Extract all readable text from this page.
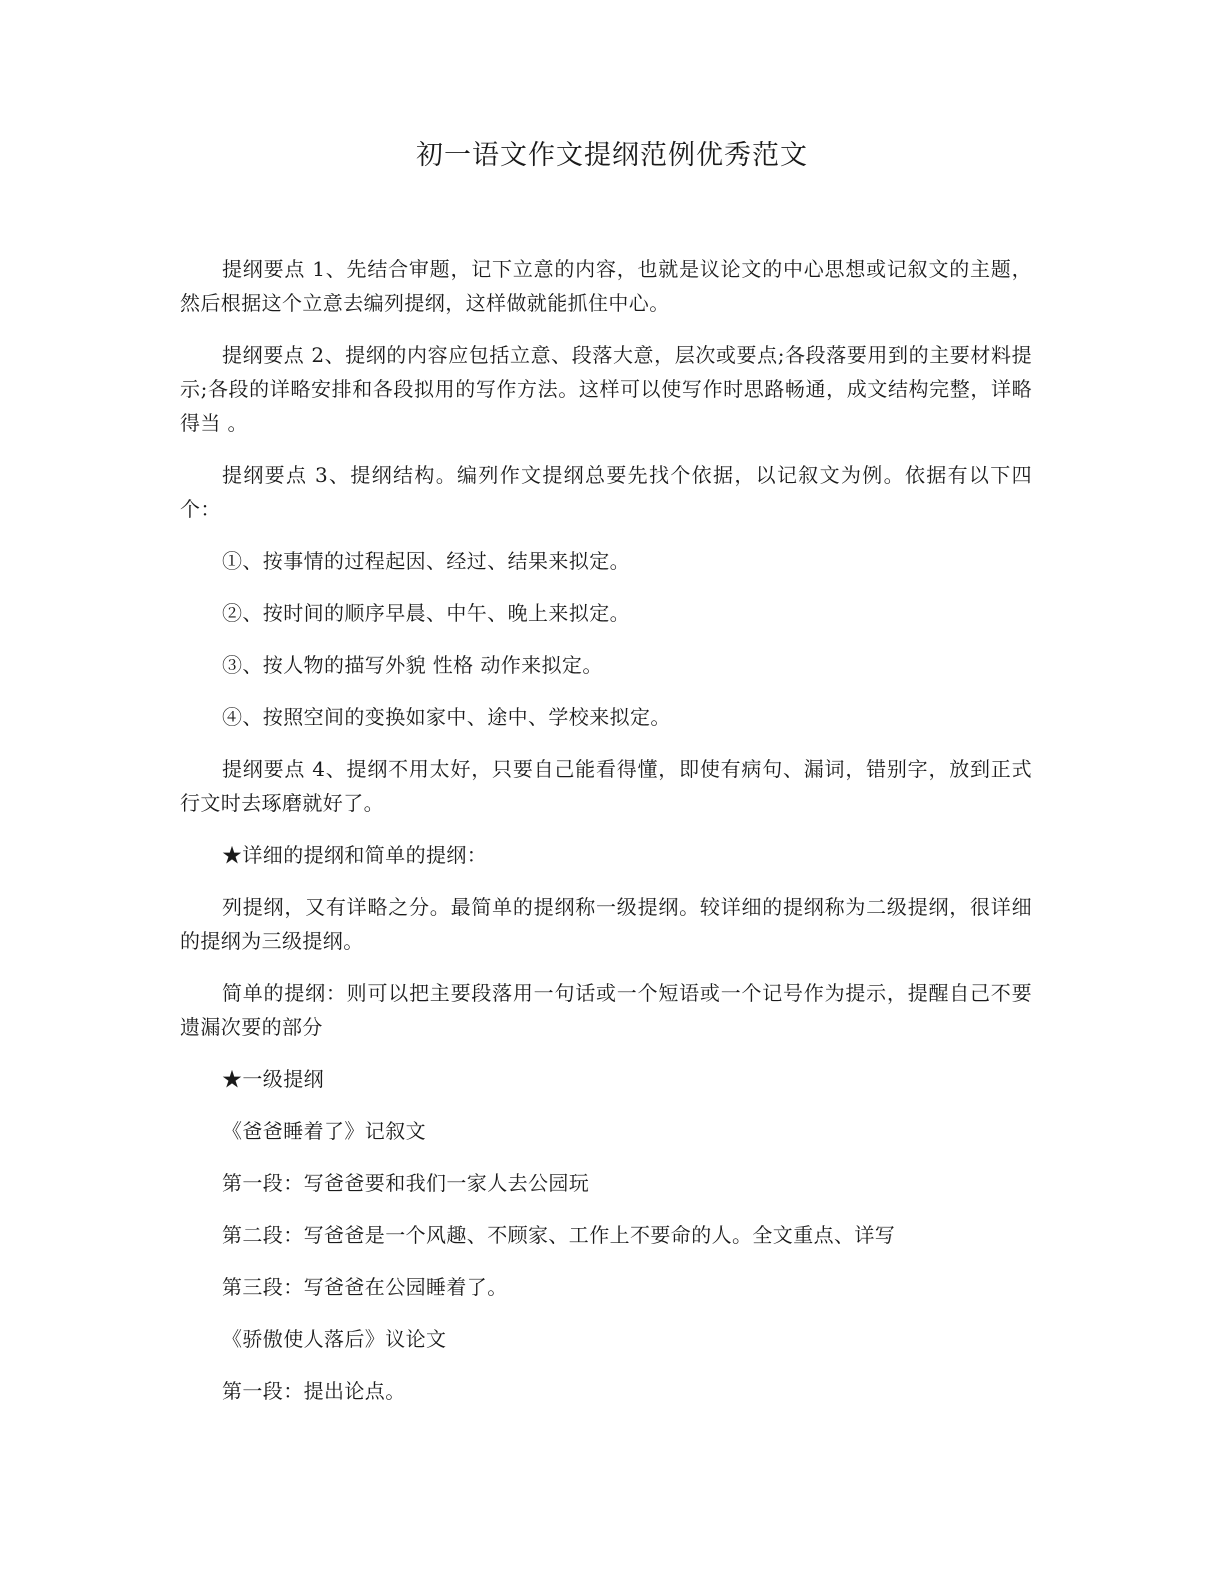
初一语文作文提纲范例优秀范文

提纲要点 1、先结合审题，记下立意的内容，也就是议论文的中心思想或记叙文的主题，然后根据这个立意去编列提纲，这样做就能抓住中心。

提纲要点 2、提纲的内容应包括立意、段落大意，层次或要点;各段落要用到的主要材料提示;各段的详略安排和各段拟用的写作方法。这样可以使写作时思路畅通，成文结构完整，详略得当 。

提纲要点 3、提纲结构。编列作文提纲总要先找个依据，以记叙文为例。依据有以下四个：

①、按事情的过程起因、经过、结果来拟定。

②、按时间的顺序早晨、中午、晚上来拟定。

③、按人物的描写外貌 性格 动作来拟定。

④、按照空间的变换如家中、途中、学校来拟定。

提纲要点 4、提纲不用太好，只要自己能看得懂，即使有病句、漏词，错别字，放到正式行文时去琢磨就好了。

★详细的提纲和简单的提纲：

列提纲，又有详略之分。最简单的提纲称一级提纲。较详细的提纲称为二级提纲，很详细的提纲为三级提纲。

简单的提纲：则可以把主要段落用一句话或一个短语或一个记号作为提示，提醒自己不要遗漏次要的部分

★一级提纲

《爸爸睡着了》记叙文

第一段：写爸爸要和我们一家人去公园玩

第二段：写爸爸是一个风趣、不顾家、工作上不要命的人。全文重点、详写

第三段：写爸爸在公园睡着了。

《骄傲使人落后》议论文

第一段：提出论点。
